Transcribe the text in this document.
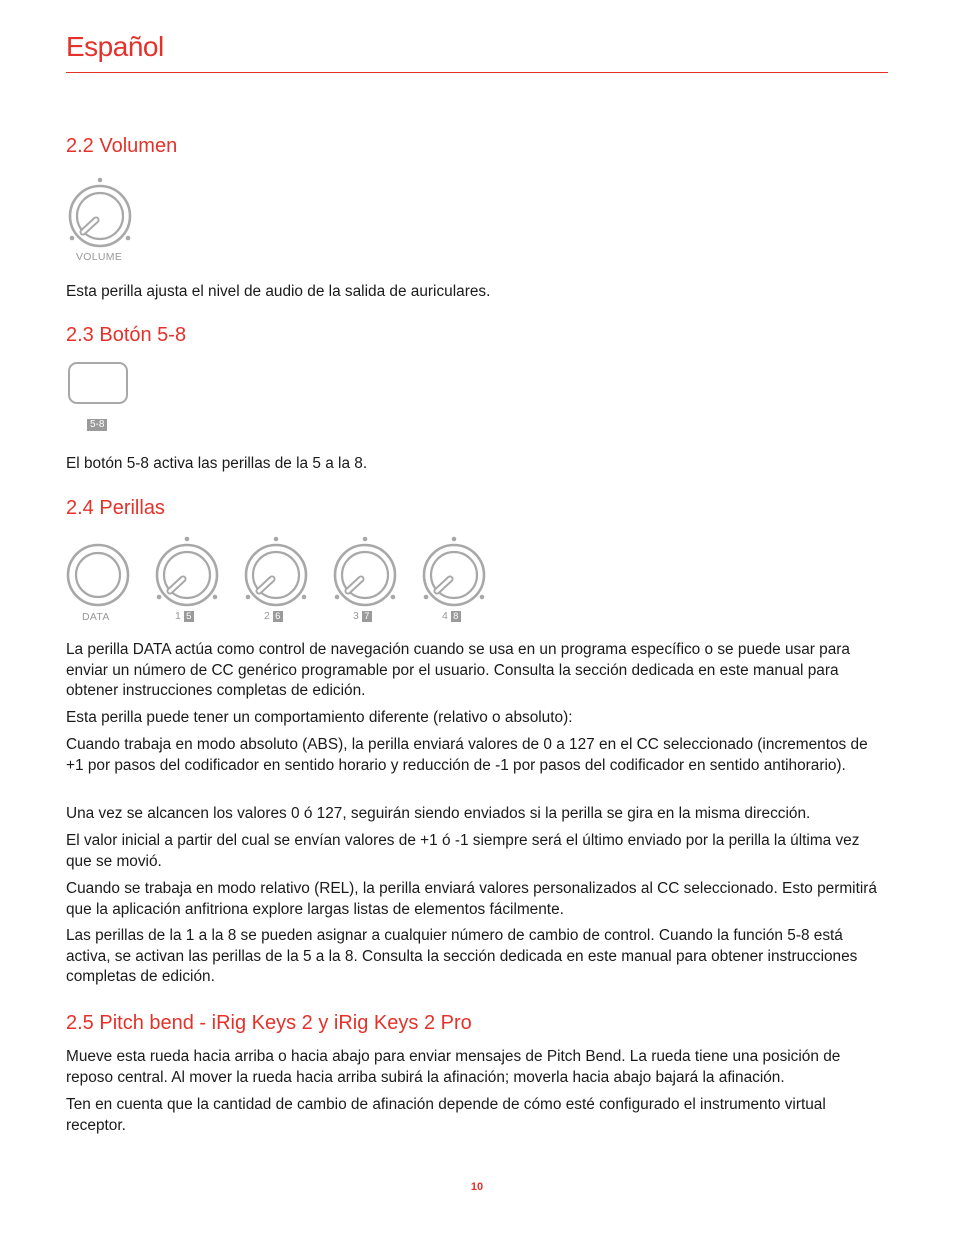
Español
2.2 Volumen
VOLUME

Esta perilla ajusta el nivel de audio de la salida de auriculares.

2.3 Botón 5-8
5-8

El botón 5-8 activa las perillas de la 5 a la 8.

2.4 Perillas
DATA	1 5	2 6	3 7	4 8

La perilla DATA actúa como control de navegación cuando se usa en un programa específico o se puede usar para enviar un número de CC genérico programable por el usuario. Consulta la sección dedicada en este manual para obtener instrucciones completas de edición.

Esta perilla puede tener un comportamiento diferente (relativo o absoluto):

Cuando trabaja en modo absoluto (ABS), la perilla enviará valores de 0 a 127 en el CC seleccionado (incrementos de +1 por pasos del codificador en sentido horario y reducción de -1 por pasos del codificador en sentido antihorario).

Una vez se alcancen los valores 0 ó 127, seguirán siendo enviados si la perilla se gira en la misma dirección.

El valor inicial a partir del cual se envían valores de +1 ó -1 siempre será el último enviado por la perilla la última vez que se movió.

Cuando se trabaja en modo relativo (REL), la perilla enviará valores personalizados al CC seleccionado. Esto permitirá que la aplicación anfitriona explore largas listas de elementos fácilmente.

Las perillas de la 1 a la 8 se pueden asignar a cualquier número de cambio de control. Cuando la función 5-8 está activa, se activan las perillas de la 5 a la 8. Consulta la sección dedicada en este manual para obtener instrucciones completas de edición.

2.5 Pitch bend - iRig Keys 2 y iRig Keys 2 Pro

Mueve esta rueda hacia arriba o hacia abajo para enviar mensajes de Pitch Bend. La rueda tiene una posición de reposo central. Al mover la rueda hacia arriba subirá la afinación; moverla hacia abajo bajará la afinación.

Ten en cuenta que la cantidad de cambio de afinación depende de cómo esté configurado el instrumento virtual receptor.

10
